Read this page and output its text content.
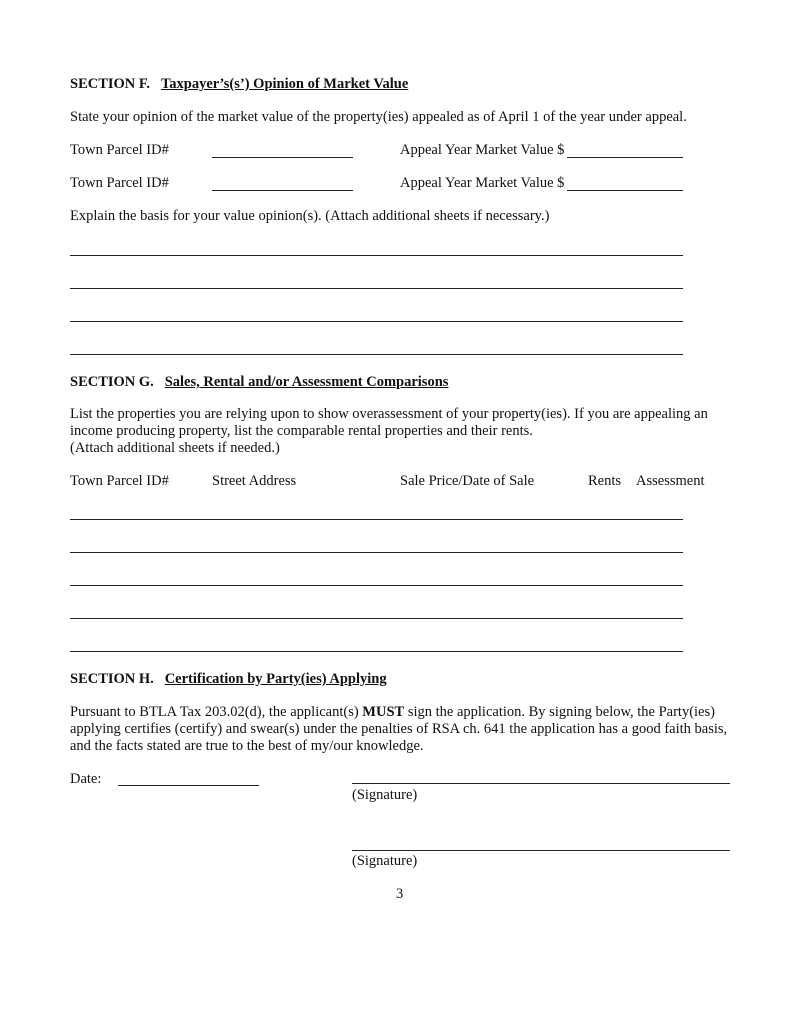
SECTION F. Taxpayer’s(s’) Opinion of Market Value
State your opinion of the market value of the property(ies) appealed as of April 1 of the year under appeal.
Town Parcel ID#	Appeal Year Market Value $
Town Parcel ID#	Appeal Year Market Value $
Explain the basis for your value opinion(s). (Attach additional sheets if necessary.)
SECTION G. Sales, Rental and/or Assessment Comparisons
List the properties you are relying upon to show overassessment of your property(ies). If you are appealing an
income producing property, list the comparable rental properties and their rents.
(Attach additional sheets if needed.)
Town Parcel ID#	Street Address	Sale Price/Date of Sale	Rents Assessment
SECTION H. Certification by Party(ies) Applying
Pursuant to BTLA Tax 203.02(d), the applicant(s) MUST sign the application. By signing below, the Party(ies)
applying certifies (certify) and swear(s) under the penalties of RSA ch. 641 the application has a good faith basis,
and the facts stated are true to the best of my/our knowledge.
Date:
(Signature)
(Signature)
3
